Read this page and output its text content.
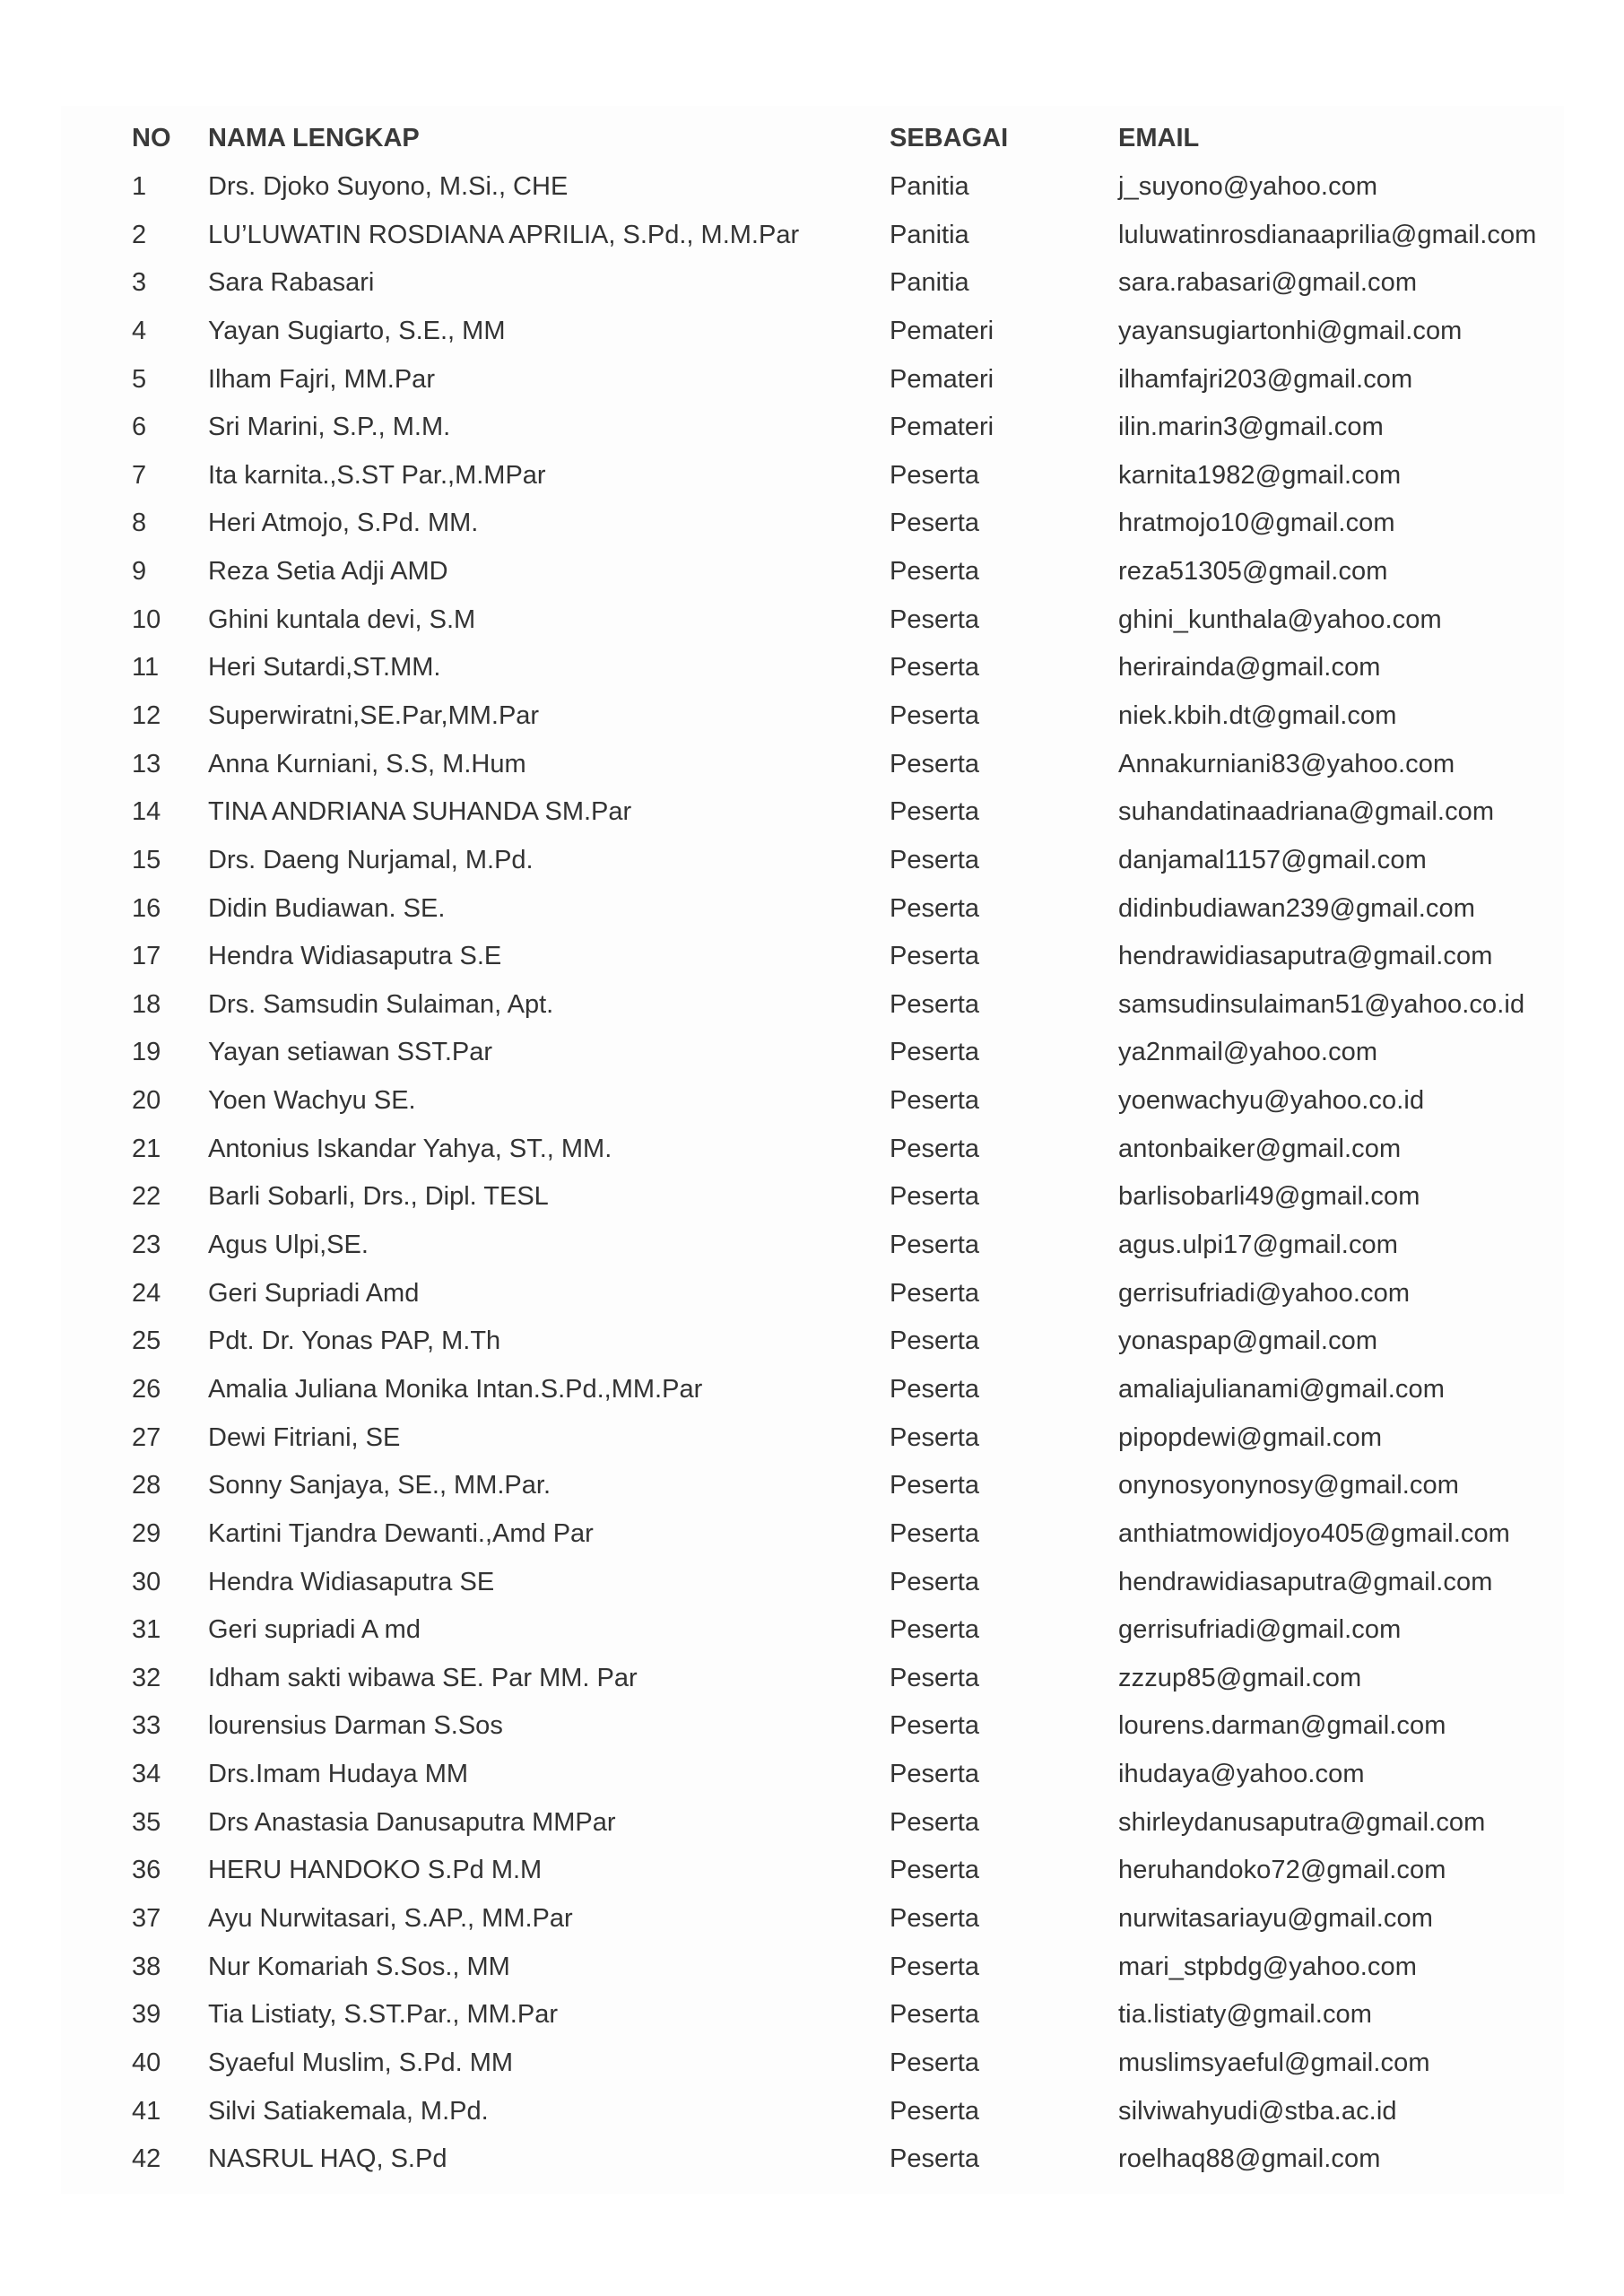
NO	NAMA LENGKAP	SEBAGAI	EMAIL
1	Drs. Djoko Suyono, M.Si., CHE	Panitia	j_suyono@yahoo.com
2	LU’LUWATIN ROSDIANA APRILIA, S.Pd., M.M.Par	Panitia	luluwatinrosdianaaprilia@gmail.com
3	Sara Rabasari	Panitia	sara.rabasari@gmail.com
4	Yayan Sugiarto, S.E., MM	Pemateri	yayansugiartonhi@gmail.com
5	Ilham Fajri, MM.Par	Pemateri	ilhamfajri203@gmail.com
6	Sri Marini, S.P., M.M.	Pemateri	ilin.marin3@gmail.com
7	Ita karnita.,S.ST Par.,M.MPar	Peserta	karnita1982@gmail.com
8	Heri Atmojo, S.Pd. MM.	Peserta	hratmojo10@gmail.com
9	Reza Setia Adji AMD	Peserta	reza51305@gmail.com
10	Ghini kuntala devi, S.M	Peserta	ghini_kunthala@yahoo.com
11	Heri Sutardi,ST.MM.	Peserta	herirainda@gmail.com
12	Superwiratni,SE.Par,MM.Par	Peserta	niek.kbih.dt@gmail.com
13	Anna Kurniani, S.S, M.Hum	Peserta	Annakurniani83@yahoo.com
14	TINA ANDRIANA SUHANDA SM.Par	Peserta	suhandatinaadriana@gmail.com
15	Drs. Daeng Nurjamal, M.Pd.	Peserta	danjamal1157@gmail.com
16	Didin Budiawan. SE.	Peserta	didinbudiawan239@gmail.com
17	Hendra Widiasaputra S.E	Peserta	hendrawidiasaputra@gmail.com
18	Drs. Samsudin Sulaiman, Apt.	Peserta	samsudinsulaiman51@yahoo.co.id
19	Yayan setiawan SST.Par	Peserta	ya2nmail@yahoo.com
20	Yoen Wachyu SE.	Peserta	yoenwachyu@yahoo.co.id
21	Antonius Iskandar Yahya, ST., MM.	Peserta	antonbaiker@gmail.com
22	Barli Sobarli, Drs., Dipl. TESL	Peserta	barlisobarli49@gmail.com
23	Agus Ulpi,SE.	Peserta	agus.ulpi17@gmail.com
24	Geri Supriadi Amd	Peserta	gerrisufriadi@yahoo.com
25	Pdt. Dr. Yonas PAP, M.Th	Peserta	yonaspap@gmail.com
26	Amalia Juliana Monika Intan.S.Pd.,MM.Par	Peserta	amaliajulianami@gmail.com
27	Dewi Fitriani, SE	Peserta	pipopdewi@gmail.com
28	Sonny Sanjaya, SE., MM.Par.	Peserta	onynosyonynosy@gmail.com
29	Kartini Tjandra Dewanti.,Amd Par	Peserta	anthiatmowidjoyo405@gmail.com
30	Hendra Widiasaputra SE	Peserta	hendrawidiasaputra@gmail.com
31	Geri supriadi A md	Peserta	gerrisufriadi@gmail.com
32	Idham sakti wibawa SE. Par MM. Par	Peserta	zzzup85@gmail.com
33	lourensius Darman S.Sos	Peserta	lourens.darman@gmail.com
34	Drs.Imam Hudaya MM	Peserta	ihudaya@yahoo.com
35	Drs Anastasia Danusaputra MMPar	Peserta	shirleydanusaputra@gmail.com
36	HERU HANDOKO S.Pd M.M	Peserta	heruhandoko72@gmail.com
37	Ayu Nurwitasari, S.AP., MM.Par	Peserta	nurwitasariayu@gmail.com
38	Nur Komariah S.Sos., MM	Peserta	mari_stpbdg@yahoo.com
39	Tia Listiaty, S.ST.Par., MM.Par	Peserta	tia.listiaty@gmail.com
40	Syaeful Muslim, S.Pd. MM	Peserta	muslimsyaeful@gmail.com
41	Silvi Satiakemala, M.Pd.	Peserta	silviwahyudi@stba.ac.id
42	NASRUL HAQ, S.Pd	Peserta	roelhaq88@gmail.com
